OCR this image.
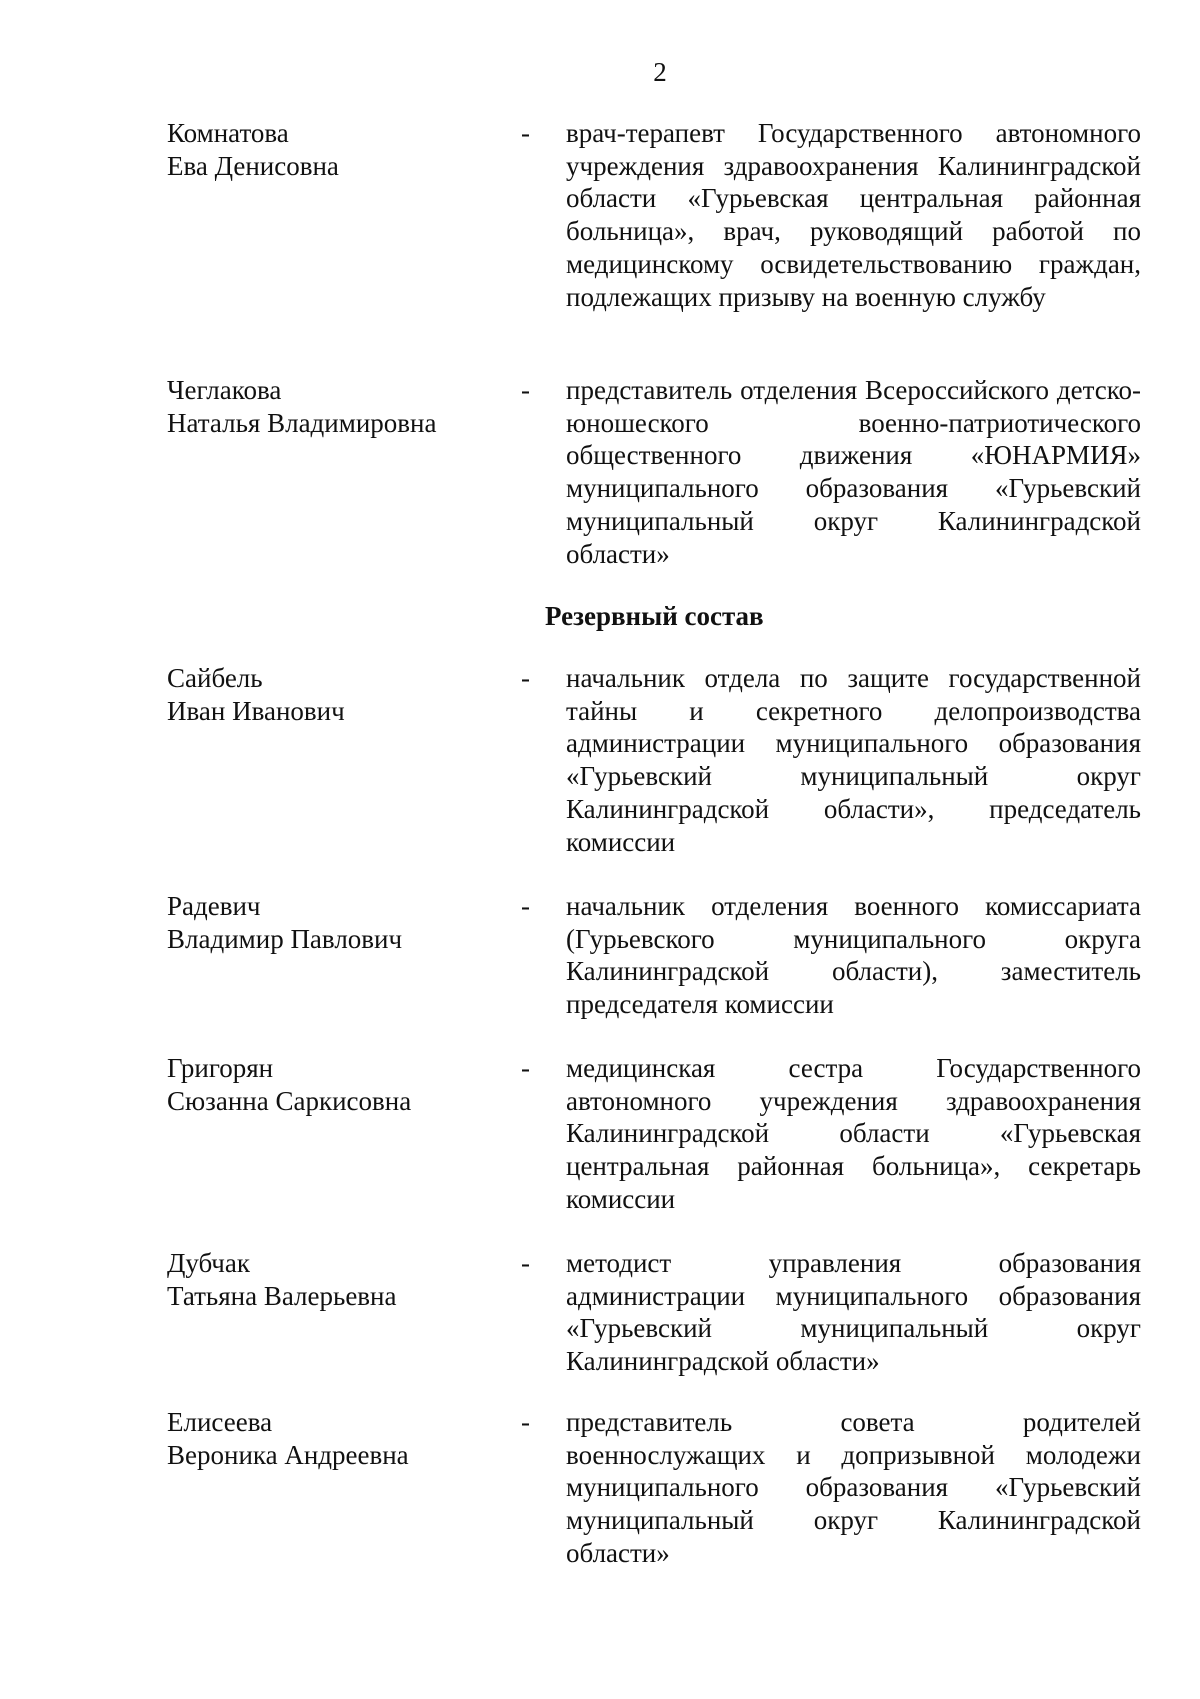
2
Комнатова
Ева Денисовна
- врач-терапевт Государственного автономного учреждения здравоохранения Калининградской области «Гурьевская центральная районная больница», врач, руководящий работой по медицинскому освидетельствованию граждан, подлежащих призыву на военную службу
Чеглакова
Наталья Владимировна
- представитель отделения Всероссийского детско-юношеского военно-патриотического общественного движения «ЮНАРМИЯ» муниципального образования «Гурьевский муниципальный округ Калининградской области»
Резервный состав
Сайбель
Иван Иванович
- начальник отдела по защите государственной тайны и секретного делопроизводства администрации муниципального образования «Гурьевский муниципальный округ Калининградской области», председатель комиссии
Радевич
Владимир Павлович
- начальник отделения военного комиссариата (Гурьевского муниципального округа Калининградской области), заместитель председателя комиссии
Григорян
Сюзанна Саркисовна
- медицинская сестра Государственного автономного учреждения здравоохранения Калининградской области «Гурьевская центральная районная больница», секретарь комиссии
Дубчак
Татьяна Валерьевна
- методист управления образования администрации муниципального образования «Гурьевский муниципальный округ Калининградской области»
Елисеева
Вероника Андреевна
- представитель совета родителей военнослужащих и допризывной молодежи муниципального образования «Гурьевский муниципальный округ Калининградской области»
